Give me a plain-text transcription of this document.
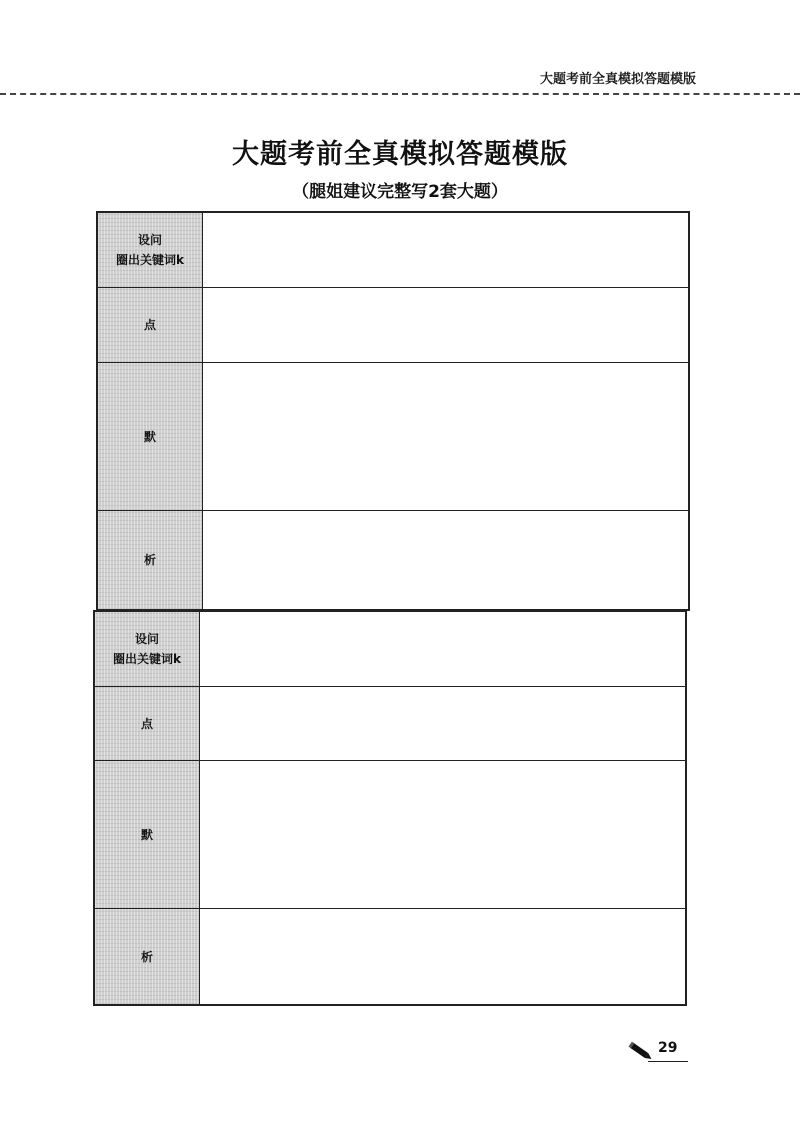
大题考前全真模拟答题模版
大题考前全真模拟答题模版
（腿姐建议完整写2套大题）
设问
圈出关键词k
点
默
析
设问
圈出关键词k
点
默
析
29
